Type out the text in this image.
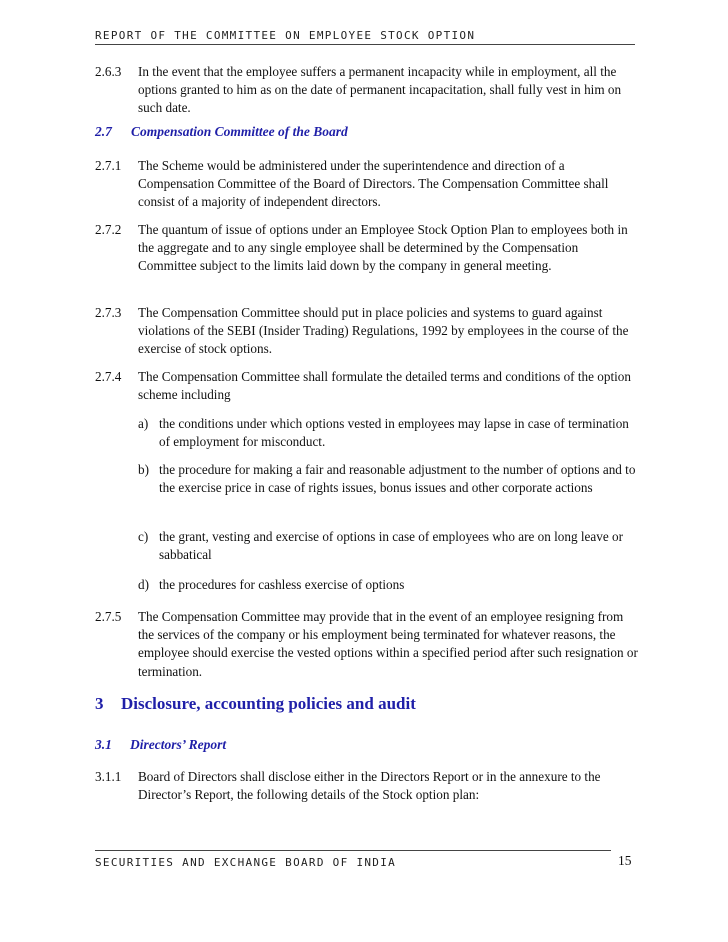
REPORT OF THE COMMITTEE ON EMPLOYEE STOCK OPTION
2.6.3 In the event that the employee suffers a permanent incapacity while in employment, all the options granted to him as on the date of permanent incapacitation, shall fully vest in him on such date.
2.7 Compensation Committee of the Board
2.7.1 The Scheme would be administered under the superintendence and direction of a Compensation Committee of the Board of Directors. The Compensation Committee shall consist of a majority of independent directors.
2.7.2 The quantum of issue of options under an Employee Stock Option Plan to employees both in the aggregate and to any single employee shall be determined by the Compensation Committee subject to the limits laid down by the company in general meeting.
2.7.3 The Compensation Committee should put in place policies and systems to guard against violations of the SEBI (Insider Trading) Regulations, 1992 by employees in the course of the exercise of stock options.
2.7.4 The Compensation Committee shall formulate the detailed terms and conditions of the option scheme including
a) the conditions under which options vested in employees may lapse in case of termination of employment for misconduct.
b) the procedure for making a fair and reasonable adjustment to the number of options and to the exercise price in case of rights issues, bonus issues and other corporate actions
c) the grant, vesting and exercise of options in case of employees who are on long leave or sabbatical
d) the procedures for cashless exercise of options
2.7.5 The Compensation Committee may provide that in the event of an employee resigning from the services of the company or his employment being terminated for whatever reasons, the employee should exercise the vested options within a specified period after such resignation or termination.
3 Disclosure, accounting policies and audit
3.1 Directors’ Report
3.1.1 Board of Directors shall disclose either in the Directors Report or in the annexure to the Director’s Report, the following details of the Stock option plan:
SECURITIES AND EXCHANGE BOARD OF INDIA	15
